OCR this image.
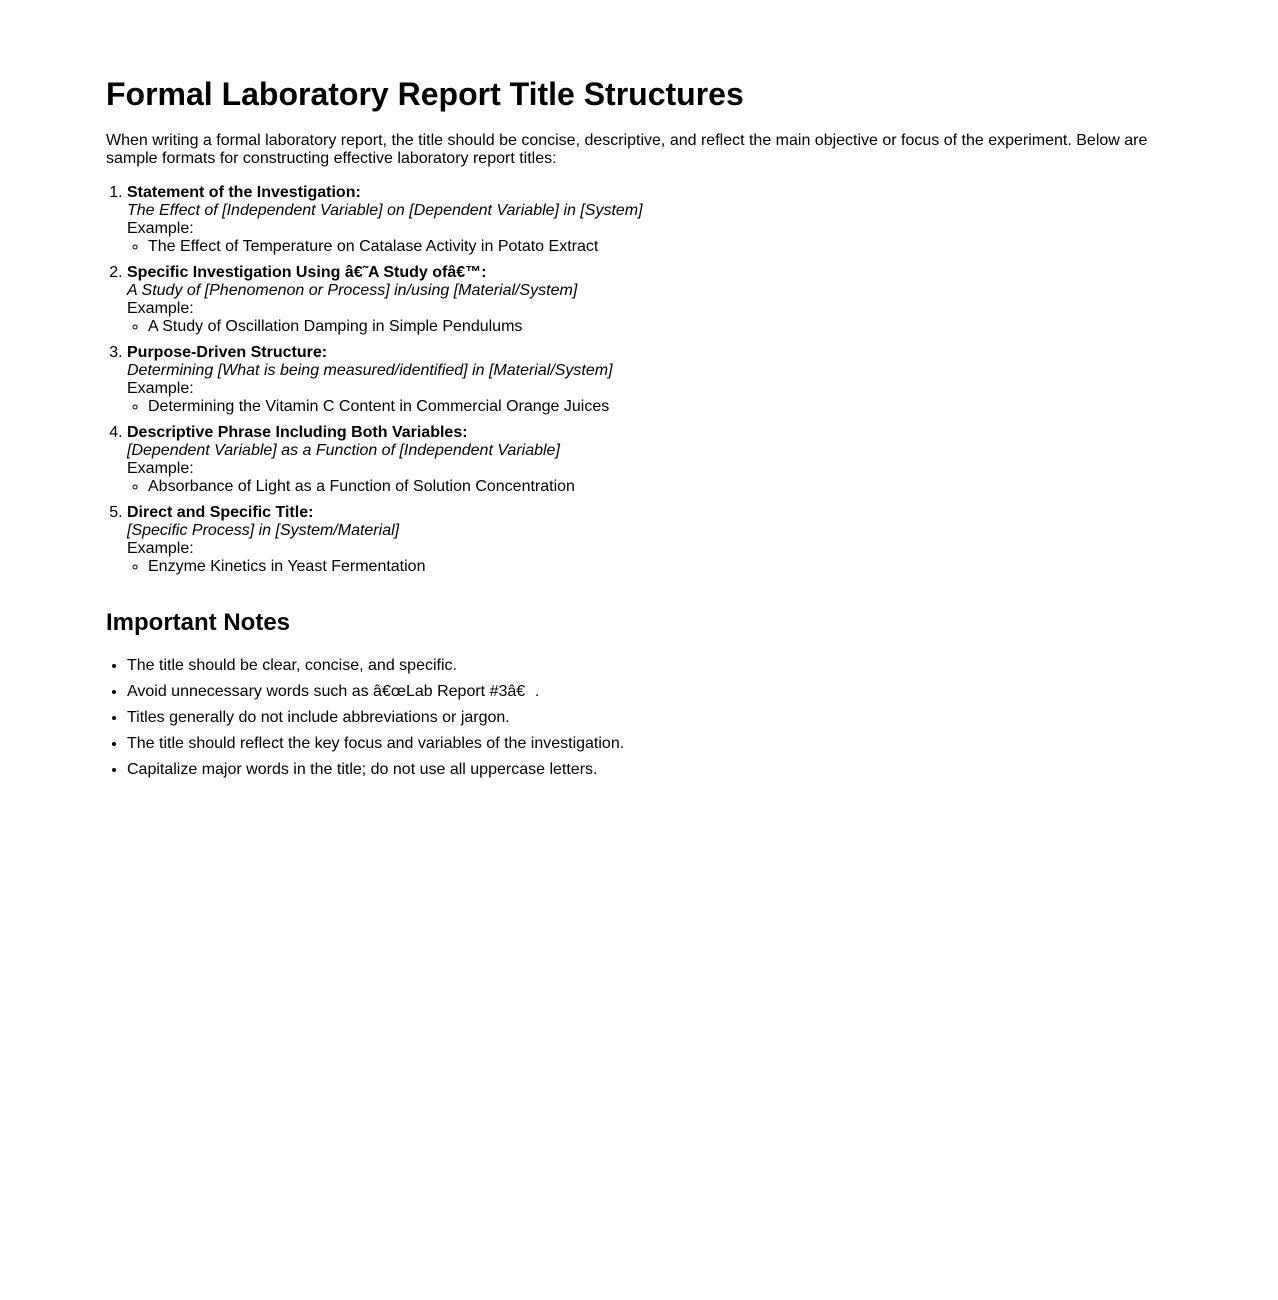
Formal Laboratory Report Title Structures

When writing a formal laboratory report, the title should be concise, descriptive, and reflect the main objective or focus of the experiment. Below are sample formats for constructing effective laboratory report titles:

1. Statement of the Investigation:
The Effect of [Independent Variable] on [Dependent Variable] in [System]
Example:
◦ The Effect of Temperature on Catalase Activity in Potato Extract
2. Specific Investigation Using â€˜A Study ofâ€™:
A Study of [Phenomenon or Process] in/using [Material/System]
Example:
◦ A Study of Oscillation Damping in Simple Pendulums
3. Purpose-Driven Structure:
Determining [What is being measured/identified] in [Material/System]
Example:
◦ Determining the Vitamin C Content in Commercial Orange Juices
4. Descriptive Phrase Including Both Variables:
[Dependent Variable] as a Function of [Independent Variable]
Example:
◦ Absorbance of Light as a Function of Solution Concentration
5. Direct and Specific Title:
[Specific Process] in [System/Material]
Example:
◦ Enzyme Kinetics in Yeast Fermentation
Important Notes
• The title should be clear, concise, and specific.
• Avoid unnecessary words such as â€œLab Report #3â€.
• Titles generally do not include abbreviations or jargon.
• The title should reflect the key focus and variables of the investigation.
• Capitalize major words in the title; do not use all uppercase letters.
